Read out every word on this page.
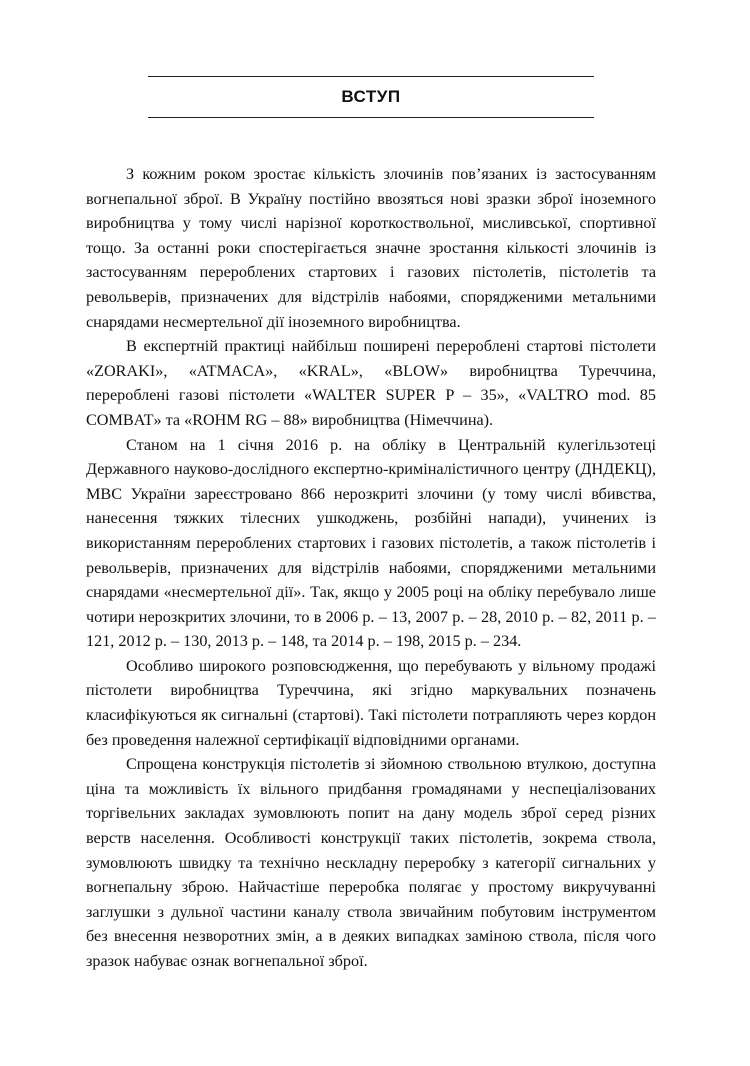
ВСТУП

З кожним роком зростає кількість злочинів пов’язаних із застосуванням вогнепальної зброї. В Україну постійно ввозяться нові зразки зброї іноземного виробництва у тому числі нарізної короткоствольної, мисливської, спортивної тощо. За останні роки спостерігається значне зростання кількості злочинів із застосуванням перероблених стартових і газових пістолетів, пістолетів та револьверів, призначених для відстрілів набоями, спорядженими метальними снарядами несмертельної дії іноземного виробництва.

В експертній практиці найбільш поширені перероблені стартові пістолети «ZORAKI», «ATMACA», «KRAL», «BLOW» виробництва Туреччина, перероблені газові пістолети «WALTER SUPER P – 35», «VALTRO mod. 85 COMBAT» та «ROHM RG – 88» виробництва (Німеччина).

Станом на 1 січня 2016 р. на обліку в Центральній кулегільзотеці Державного науково-дослідного експертно-криміналістичного центру (ДНДЕКЦ), МВС України зареєстровано 866 нерозкриті злочини (у тому числі вбивства, нанесення тяжких тілесних ушкоджень, розбійні напади), учинених із використанням перероблених стартових і газових пістолетів, а також пістолетів і револьверів, призначених для відстрілів набоями, спорядженими метальними снарядами «несмертельної дії». Так, якщо у 2005 році на обліку перебувало лише чотири нерозкритих злочини, то в 2006 р. – 13, 2007 р. – 28, 2010 р. – 82, 2011 р. – 121, 2012 р. – 130, 2013 р. – 148, та 2014 р. – 198, 2015 р. – 234.

Особливо широкого розповсюдження, що перебувають у вільному продажі пістолети виробництва Туреччина, які згідно маркувальних позначень класифікуються як сигнальні (стартові). Такі пістолети потрапляють через кордон без проведення належної сертифікації відповідними органами.

Спрощена конструкція пістолетів зі зйомною ствольною втулкою, доступна ціна та можливість їх вільного придбання громадянами у неспеціалізованих торгівельних закладах зумовлюють попит на дану модель зброї серед різних верств населення. Особливості конструкції таких пістолетів, зокрема ствола, зумовлюють швидку та технічно нескладну переробку з категорії сигнальних у вогнепальну зброю. Найчастіше переробка полягає у простому викручуванні заглушки з дульної частини каналу ствола звичайним побутовим інструментом без внесення незворотних змін, а в деяких випадках заміною ствола, після чого зразок набуває ознак вогнепальної зброї.
